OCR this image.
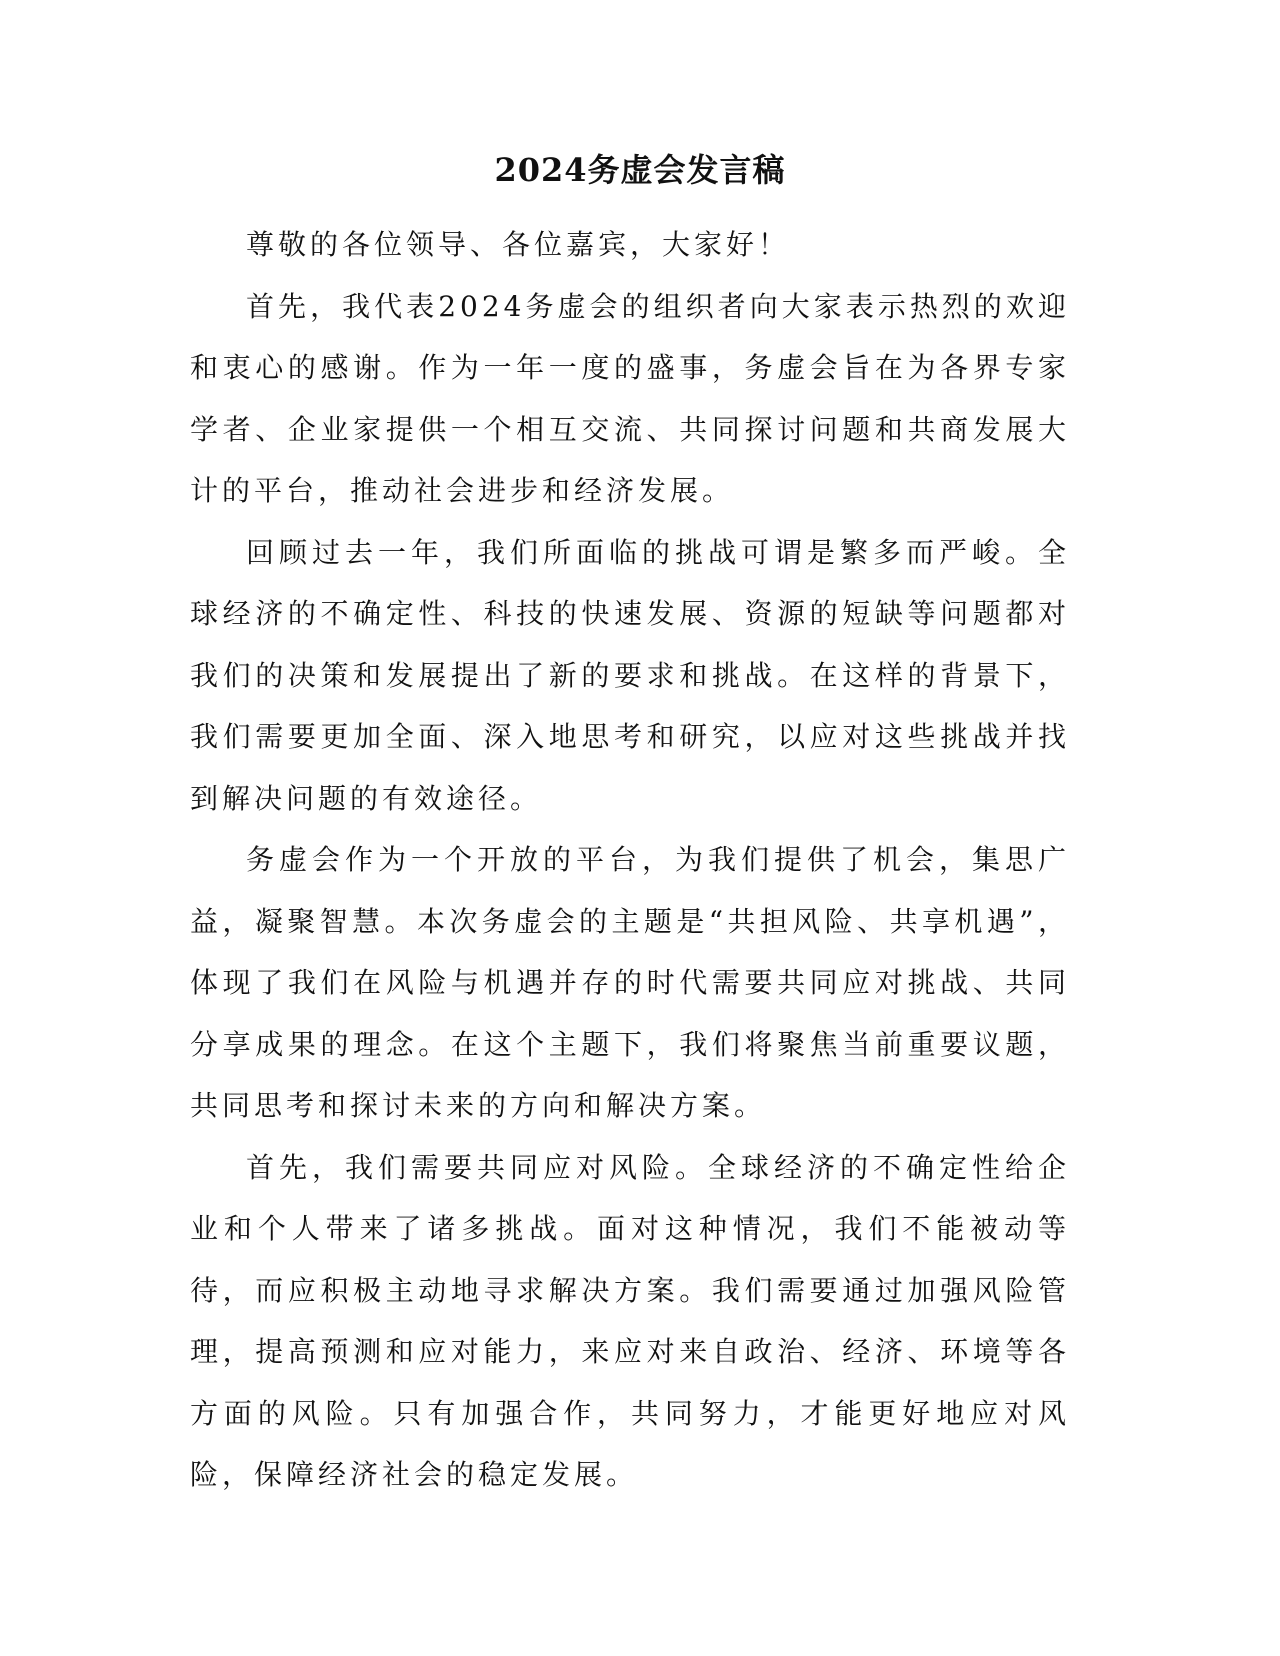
2024务虚会发言稿

尊敬的各位领导、各位嘉宾，大家好！

首先，我代表2024务虚会的组织者向大家表示热烈的欢迎和衷心的感谢。作为一年一度的盛事，务虚会旨在为各界专家学者、企业家提供一个相互交流、共同探讨问题和共商发展大计的平台，推动社会进步和经济发展。

回顾过去一年，我们所面临的挑战可谓是繁多而严峻。全球经济的不确定性、科技的快速发展、资源的短缺等问题都对我们的决策和发展提出了新的要求和挑战。在这样的背景下，我们需要更加全面、深入地思考和研究，以应对这些挑战并找到解决问题的有效途径。

务虚会作为一个开放的平台，为我们提供了机会，集思广益，凝聚智慧。本次务虚会的主题是“共担风险、共享机遇”，体现了我们在风险与机遇并存的时代需要共同应对挑战、共同分享成果的理念。在这个主题下，我们将聚焦当前重要议题，共同思考和探讨未来的方向和解决方案。

首先，我们需要共同应对风险。全球经济的不确定性给企业和个人带来了诸多挑战。面对这种情况，我们不能被动等待，而应积极主动地寻求解决方案。我们需要通过加强风险管理，提高预测和应对能力，来应对来自政治、经济、环境等各方面的风险。只有加强合作，共同努力，才能更好地应对风险，保障经济社会的稳定发展。
